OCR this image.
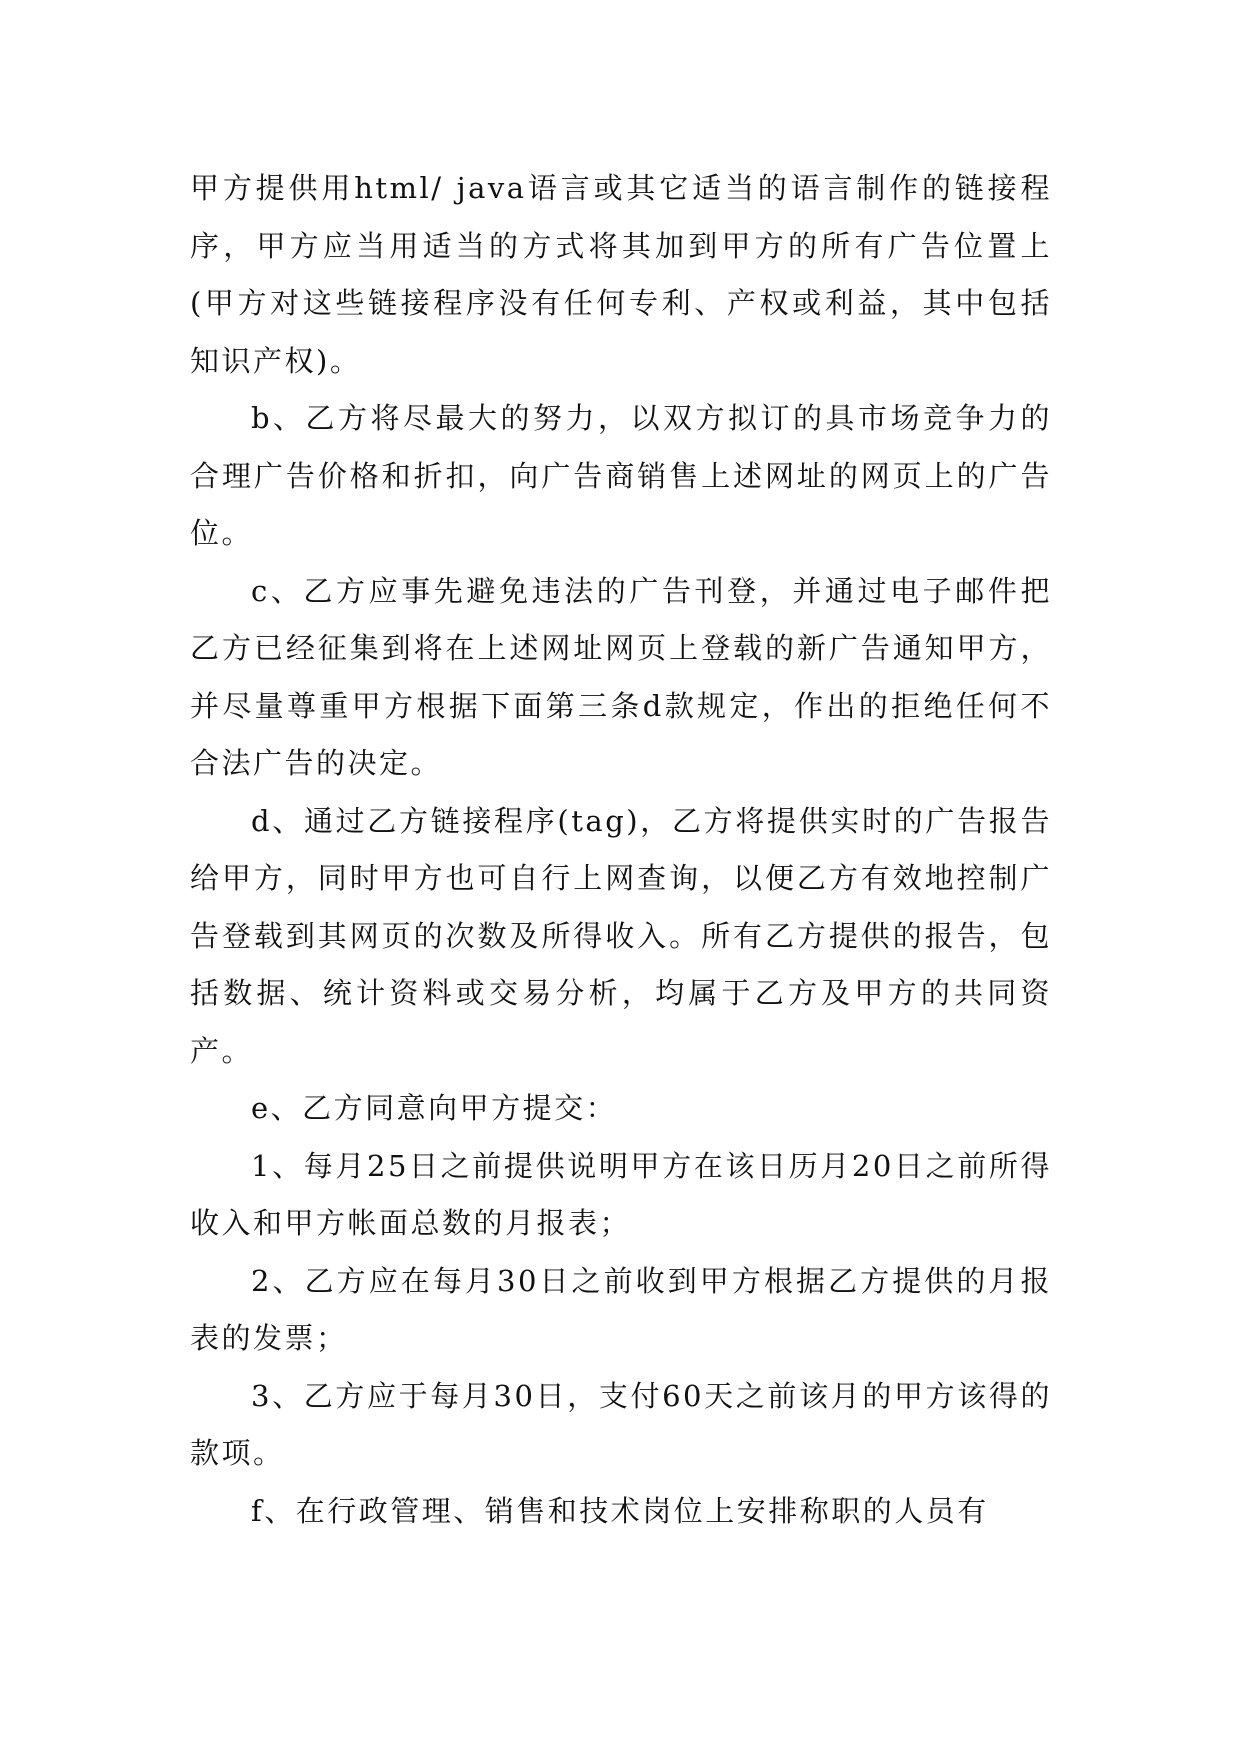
甲方提供用html/ java语言或其它适当的语言制作的链接程序，甲方应当用适当的方式将其加到甲方的所有广告位置上(甲方对这些链接程序没有任何专利、产权或利益，其中包括知识产权)。

b、乙方将尽最大的努力，以双方拟订的具市场竞争力的合理广告价格和折扣，向广告商销售上述网址的网页上的广告位。

c、乙方应事先避免违法的广告刊登，并通过电子邮件把乙方已经征集到将在上述网址网页上登载的新广告通知甲方，并尽量尊重甲方根据下面第三条d款规定，作出的拒绝任何不合法广告的决定。

d、通过乙方链接程序(tag)，乙方将提供实时的广告报告给甲方，同时甲方也可自行上网查询，以便乙方有效地控制广告登载到其网页的次数及所得收入。所有乙方提供的报告，包括数据、统计资料或交易分析，均属于乙方及甲方的共同资产。

e、乙方同意向甲方提交：

1、每月25日之前提供说明甲方在该日历月20日之前所得收入和甲方帐面总数的月报表；

2、乙方应在每月30日之前收到甲方根据乙方提供的月报表的发票；

3、乙方应于每月30日，支付60天之前该月的甲方该得的款项。

f、在行政管理、销售和技术岗位上安排称职的人员有
